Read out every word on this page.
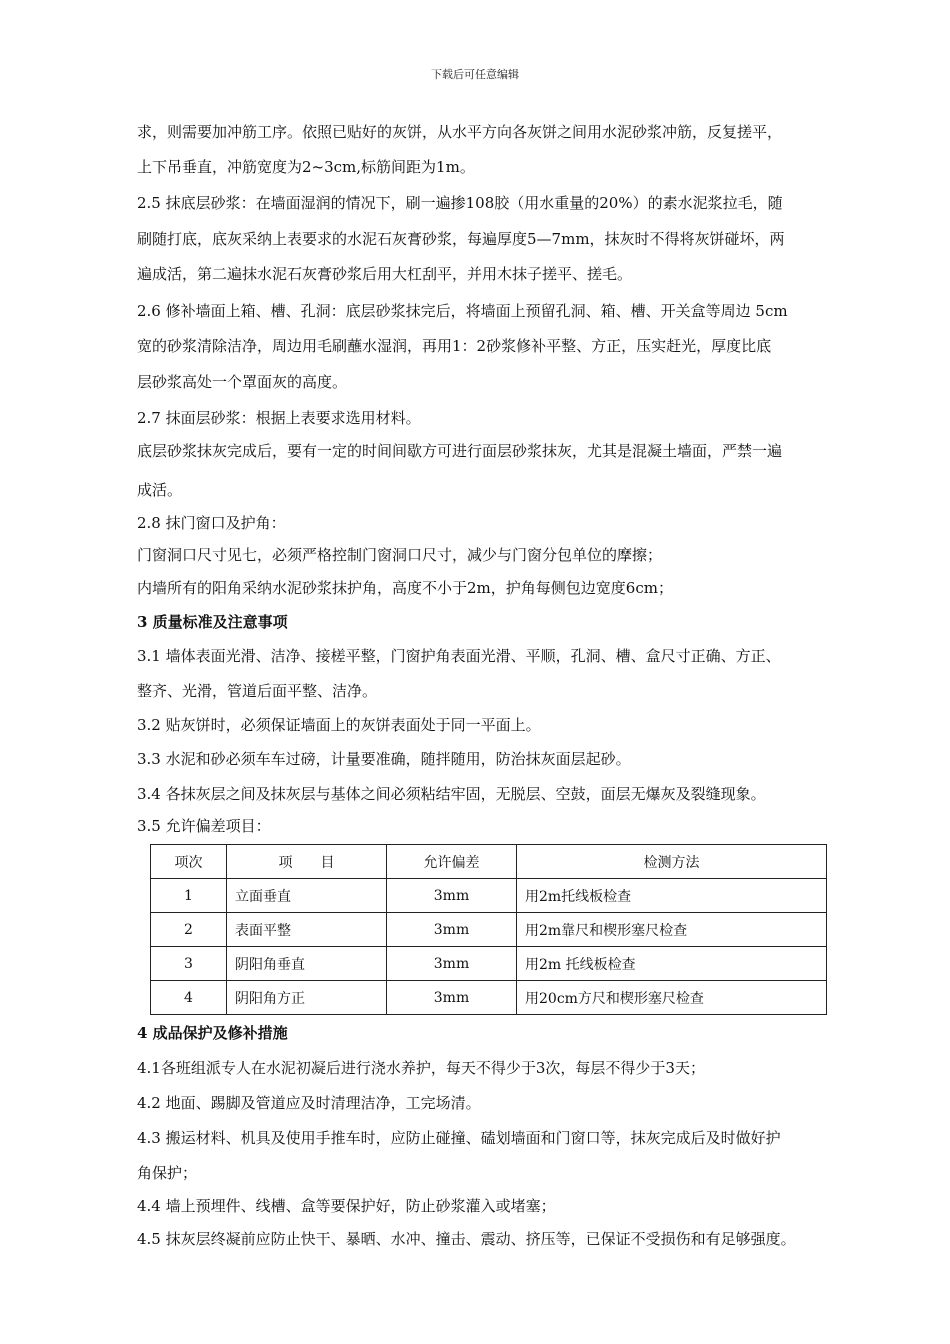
下载后可任意编辑
求，则需要加冲筋工序。依照已贴好的灰饼，从水平方向各灰饼之间用水泥砂浆冲筋，反复搓平，
上下吊垂直，冲筋宽度为2~3cm,标筋间距为1m。
2.5 抹底层砂浆：在墙面湿润的情况下，刷一遍掺108胶（用水重量的20%）的素水泥浆拉毛，随
刷随打底，底灰采纳上表要求的水泥石灰膏砂浆，每遍厚度5—7mm，抹灰时不得将灰饼碰坏，两
遍成活，第二遍抹水泥石灰膏砂浆后用大杠刮平，并用木抹子搓平、搓毛。
2.6 修补墙面上箱、槽、孔洞：底层砂浆抹完后，将墙面上预留孔洞、箱、槽、开关盒等周边 5cm
宽的砂浆清除洁净，周边用毛刷蘸水湿润，再用1：2砂浆修补平整、方正，压实赶光，厚度比底
层砂浆高处一个罩面灰的高度。
2.7 抹面层砂浆：根据上表要求选用材料。
底层砂浆抹灰完成后，要有一定的时间间歇方可进行面层砂浆抹灰，尤其是混凝土墙面，严禁一遍
成活。
2.8 抹门窗口及护角：
门窗洞口尺寸见七，必须严格控制门窗洞口尺寸，减少与门窗分包单位的摩擦；
内墙所有的阳角采纳水泥砂浆抹护角，高度不小于2m，护角每侧包边宽度6cm；
3 质量标准及注意事项
3.1 墙体表面光滑、洁净、接槎平整，门窗护角表面光滑、平顺，孔洞、槽、盒尺寸正确、方正、
整齐、光滑，管道后面平整、洁净。
3.2 贴灰饼时，必须保证墙面上的灰饼表面处于同一平面上。
3.3 水泥和砂必须车车过磅，计量要准确，随拌随用，防治抹灰面层起砂。
3.4 各抹灰层之间及抹灰层与基体之间必须粘结牢固，无脱层、空鼓，面层无爆灰及裂缝现象。
3.5 允许偏差项目：
项次	项　　目	允许偏差	检测方法
1	立面垂直	3mm	用2m托线板检查
2	表面平整	3mm	用2m靠尺和楔形塞尺检查
3	阴阳角垂直	3mm	用2m 托线板检查
4	阴阳角方正	3mm	用20cm方尺和楔形塞尺检查
4 成品保护及修补措施
4.1各班组派专人在水泥初凝后进行浇水养护，每天不得少于3次，每层不得少于3天；
4.2 地面、踢脚及管道应及时清理洁净，工完场清。
4.3 搬运材料、机具及使用手推车时，应防止碰撞、磕划墙面和门窗口等，抹灰完成后及时做好护
角保护；
4.4 墙上预埋件、线槽、盒等要保护好，防止砂浆灌入或堵塞；
4.5 抹灰层终凝前应防止快干、暴晒、水冲、撞击、震动、挤压等，已保证不受损伤和有足够强度。
